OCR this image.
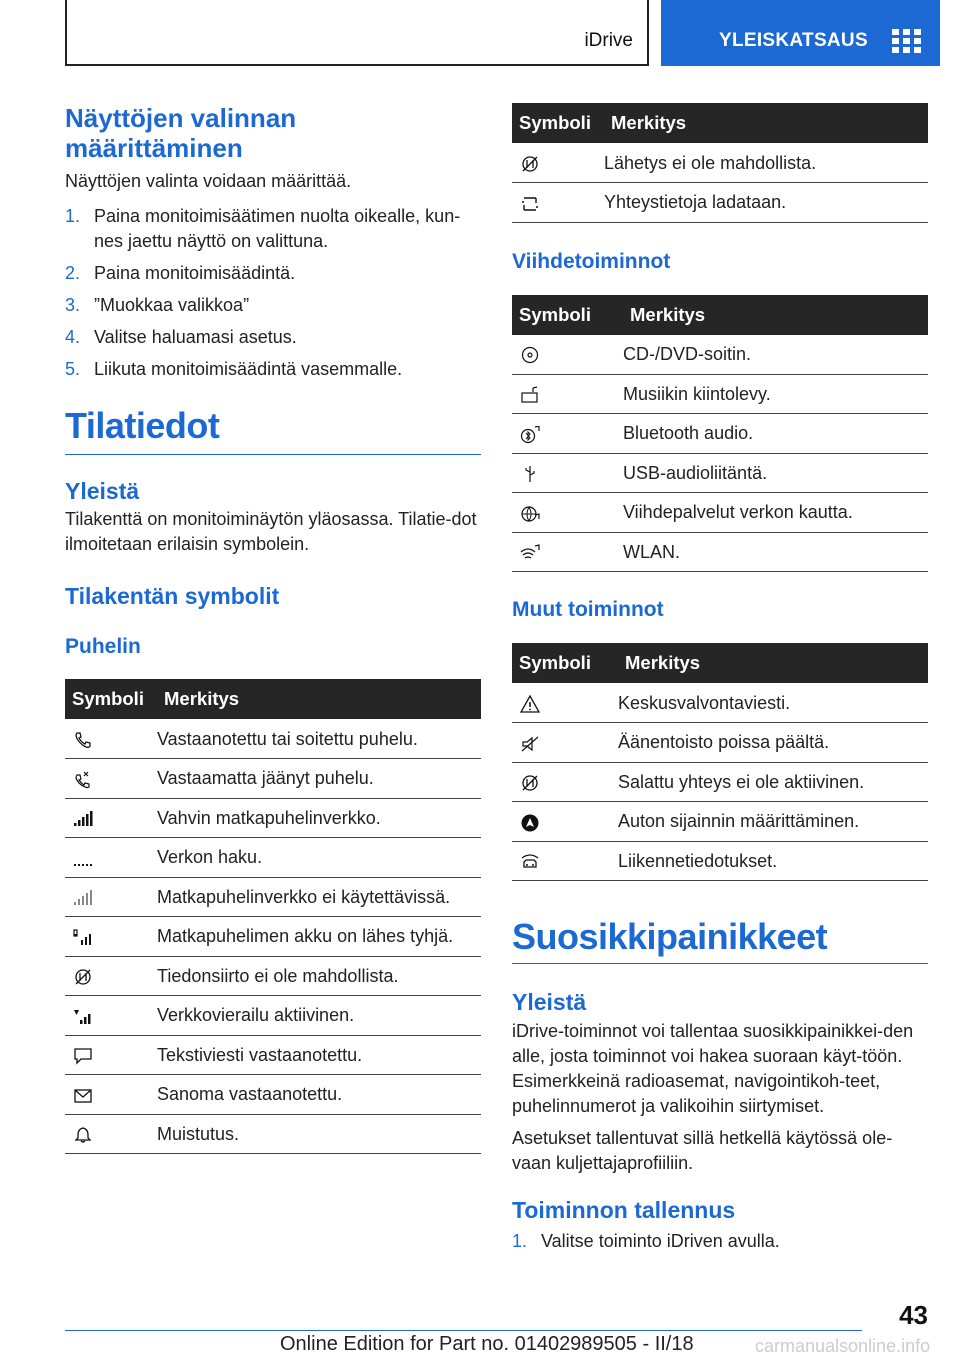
iDrive	YLEISKATSAUS
Näyttöjen valinnan määrittäminen

Näyttöjen valinta voidaan määrittää.

1. Paina monitoimisäätimen nuolta oikealle, kun-nes jaettu näyttö on valittuna.
2. Paina monitoimisäädintä.
3. ”Muokkaa valikkoa”
4. Valitse haluamasi asetus.
5. Liikuta monitoimisäädintä vasemmalle.
Tilatiedot
Yleistä

Tilakenttä on monitoiminäytön yläosassa. Tilatie-dot ilmoitetaan erilaisin symbolein.

Tilakentän symbolit
Puhelin
Symboli	Merkitys

	Vastaanotettu tai soitettu puhelu.

	Vastaamatta jäänyt puhelu.

	Vahvin matkapuhelinverkko.

	Verkon haku.

	Matkapuhelinverkko ei käytettävissä.

	Matkapuhelimen akku on lähes tyhjä.

	Tiedonsiirto ei ole mahdollista.

	Verkkovierailu aktiivinen.

	Tekstiviesti vastaanotettu.

	Sanoma vastaanotettu.

	Muistutus.
Symboli	Merkitys

	Lähetys ei ole mahdollista.

	Yhteystietoja ladataan.
Viihdetoiminnot
Symboli	Merkitys

	CD-/DVD-soitin.

	Musiikin kiintolevy.

	Bluetooth audio.

	USB-audioliitäntä.

	Viihdepalvelut verkon kautta.

	WLAN.
Muut toiminnot
Symboli	Merkitys

	Keskusvalvontaviesti.

	Äänentoisto poissa päältä.

	Salattu yhteys ei ole aktiivinen.

	Auton sijainnin määrittäminen.

	Liikennetiedotukset.
Suosikkipainikkeet
Yleistä

iDrive-toiminnot voi tallentaa suosikkipainikkei-den alle, josta toiminnot voi hakea suoraan käyt-töön. Esimerkkeinä radioasemat, navigointikoh-teet, puhelinnumerot ja valikoihin siirtymiset.

Asetukset tallentuvat sillä hetkellä käytössä ole-vaan kuljettajaprofiiliin.

Toiminnon tallennus
1. Valitse toiminto iDriven avulla.
43
Online Edition for Part no. 01402989505 - II/18	carmanualsonline.info
